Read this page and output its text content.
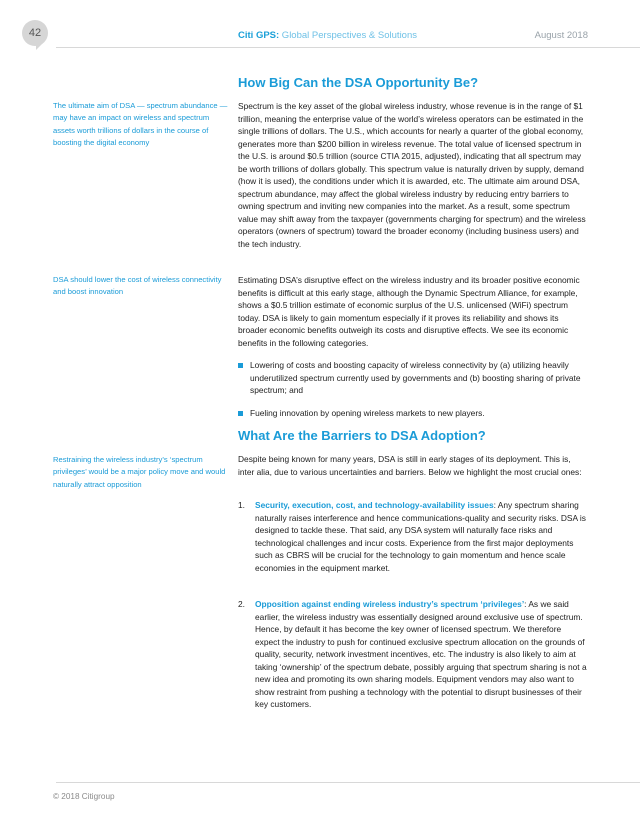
42	Citi GPS: Global Perspectives & Solutions	August 2018
How Big Can the DSA Opportunity Be?
The ultimate aim of DSA — spectrum abundance — may have an impact on wireless and spectrum assets worth trillions of dollars in the course of boosting the digital economy

Spectrum is the key asset of the global wireless industry, whose revenue is in the range of $1 trillion, meaning the enterprise value of the world’s wireless operators can be estimated in the single trillions of dollars. The U.S., which accounts for nearly a quarter of the global economy, generates more than $200 billion in wireless revenue. The total value of licensed spectrum in the U.S. is around $0.5 trillion (source CTIA 2015, adjusted), indicating that all spectrum may be worth trillions of dollars globally. This spectrum value is naturally driven by supply, demand (how it is used), the conditions under which it is awarded, etc. The ultimate aim around DSA, spectrum abundance, may affect the global wireless industry by reducing entry barriers to owning spectrum and inviting new companies into the market. As a result, some spectrum value may shift away from the taxpayer (governments charging for spectrum) and the wireless operators (owners of spectrum) toward the broader economy (including business users) and the tech industry.

DSA should lower the cost of wireless connectivity and boost innovation

Estimating DSA’s disruptive effect on the wireless industry and its broader positive economic benefits is difficult at this early stage, although the Dynamic Spectrum Alliance, for example, shows a $0.5 trillion estimate of economic surplus of the U.S. unlicensed (WiFi) spectrum today. DSA is likely to gain momentum especially if it proves its reliability and shows its broader economic benefits outweigh its costs and disruptive effects. We see its economic benefits in the following categories.

Lowering of costs and boosting capacity of wireless connectivity by (a) utilizing heavily underutilized spectrum currently used by governments and (b) boosting sharing of private spectrum; and
Fueling innovation by opening wireless markets to new players.
What Are the Barriers to DSA Adoption?
Restraining the wireless industry’s ‘spectrum privileges’ would be a major policy move and would naturally attract opposition

Despite being known for many years, DSA is still in early stages of its deployment. This is, inter alia, due to various uncertainties and barriers. Below we highlight the most crucial ones:

1. Security, execution, cost, and technology-availability issues: Any spectrum sharing naturally raises interference and hence communications-quality and security risks. DSA is designed to tackle these. That said, any DSA system will naturally face risks and technological challenges and incur costs. Experience from the first major deployments such as CBRS will be crucial for the technology to gain momentum and hence scale economies in the equipment market.
2. Opposition against ending wireless industry’s spectrum ‘privileges’: As we said earlier, the wireless industry was essentially designed around exclusive use of spectrum. Hence, by default it has become the key owner of licensed spectrum. We therefore expect the industry to push for continued exclusive spectrum allocation on the grounds of quality, security, network investment incentives, etc. The industry is also likely to aim at taking ‘ownership’ of the spectrum debate, possibly arguing that spectrum sharing is not a new idea and promoting its own sharing models. Equipment vendors may also want to show restraint from pushing a technology with the potential to disrupt businesses of their key customers.
© 2018 Citigroup
